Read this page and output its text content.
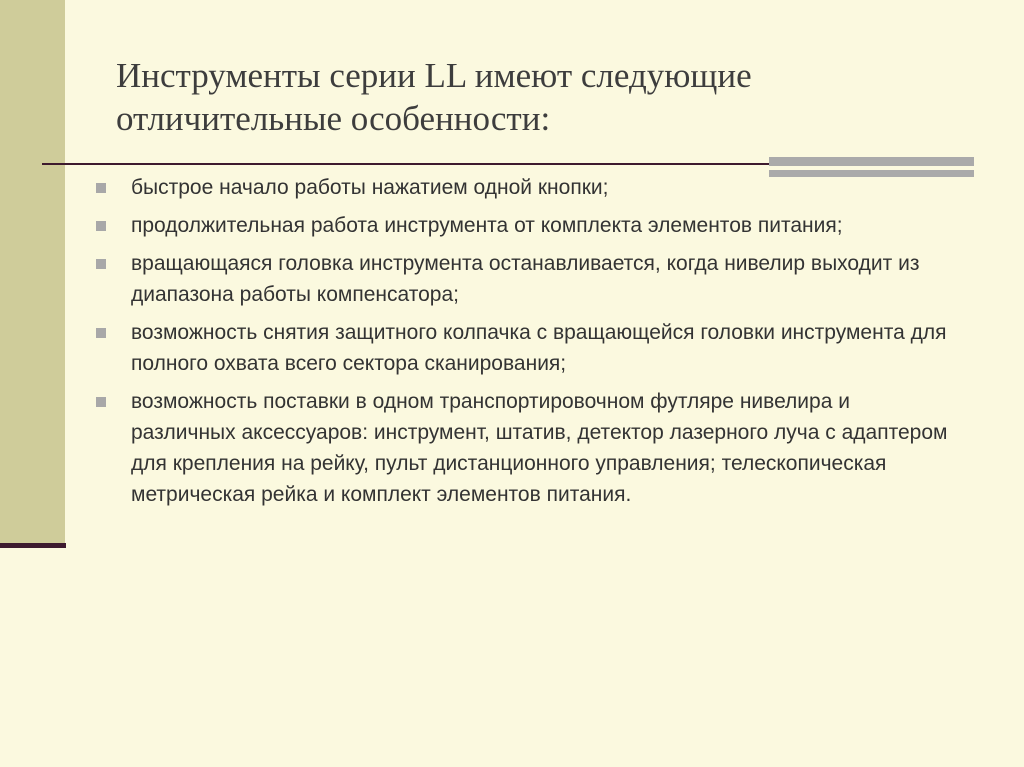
Инструменты серии LL имеют следующие
отличительные особенности:
быстрое начало работы нажатием одной кнопки;
продолжительная работа инструмента от комплекта элементов питания;
вращающаяся головка инструмента останавливается, когда нивелир выходит из диапазона работы компенсатора;
возможность снятия защитного колпачка с вращающейся головки инструмента для полного охвата всего сектора сканирования;
возможность поставки в одном транспортировочном футляре нивелира и различных аксессуаров: инструмент, штатив, детектор лазерного луча с адаптером для крепления на рейку, пульт дистанционного управления; телескопическая метрическая рейка и комплект элементов питания.
